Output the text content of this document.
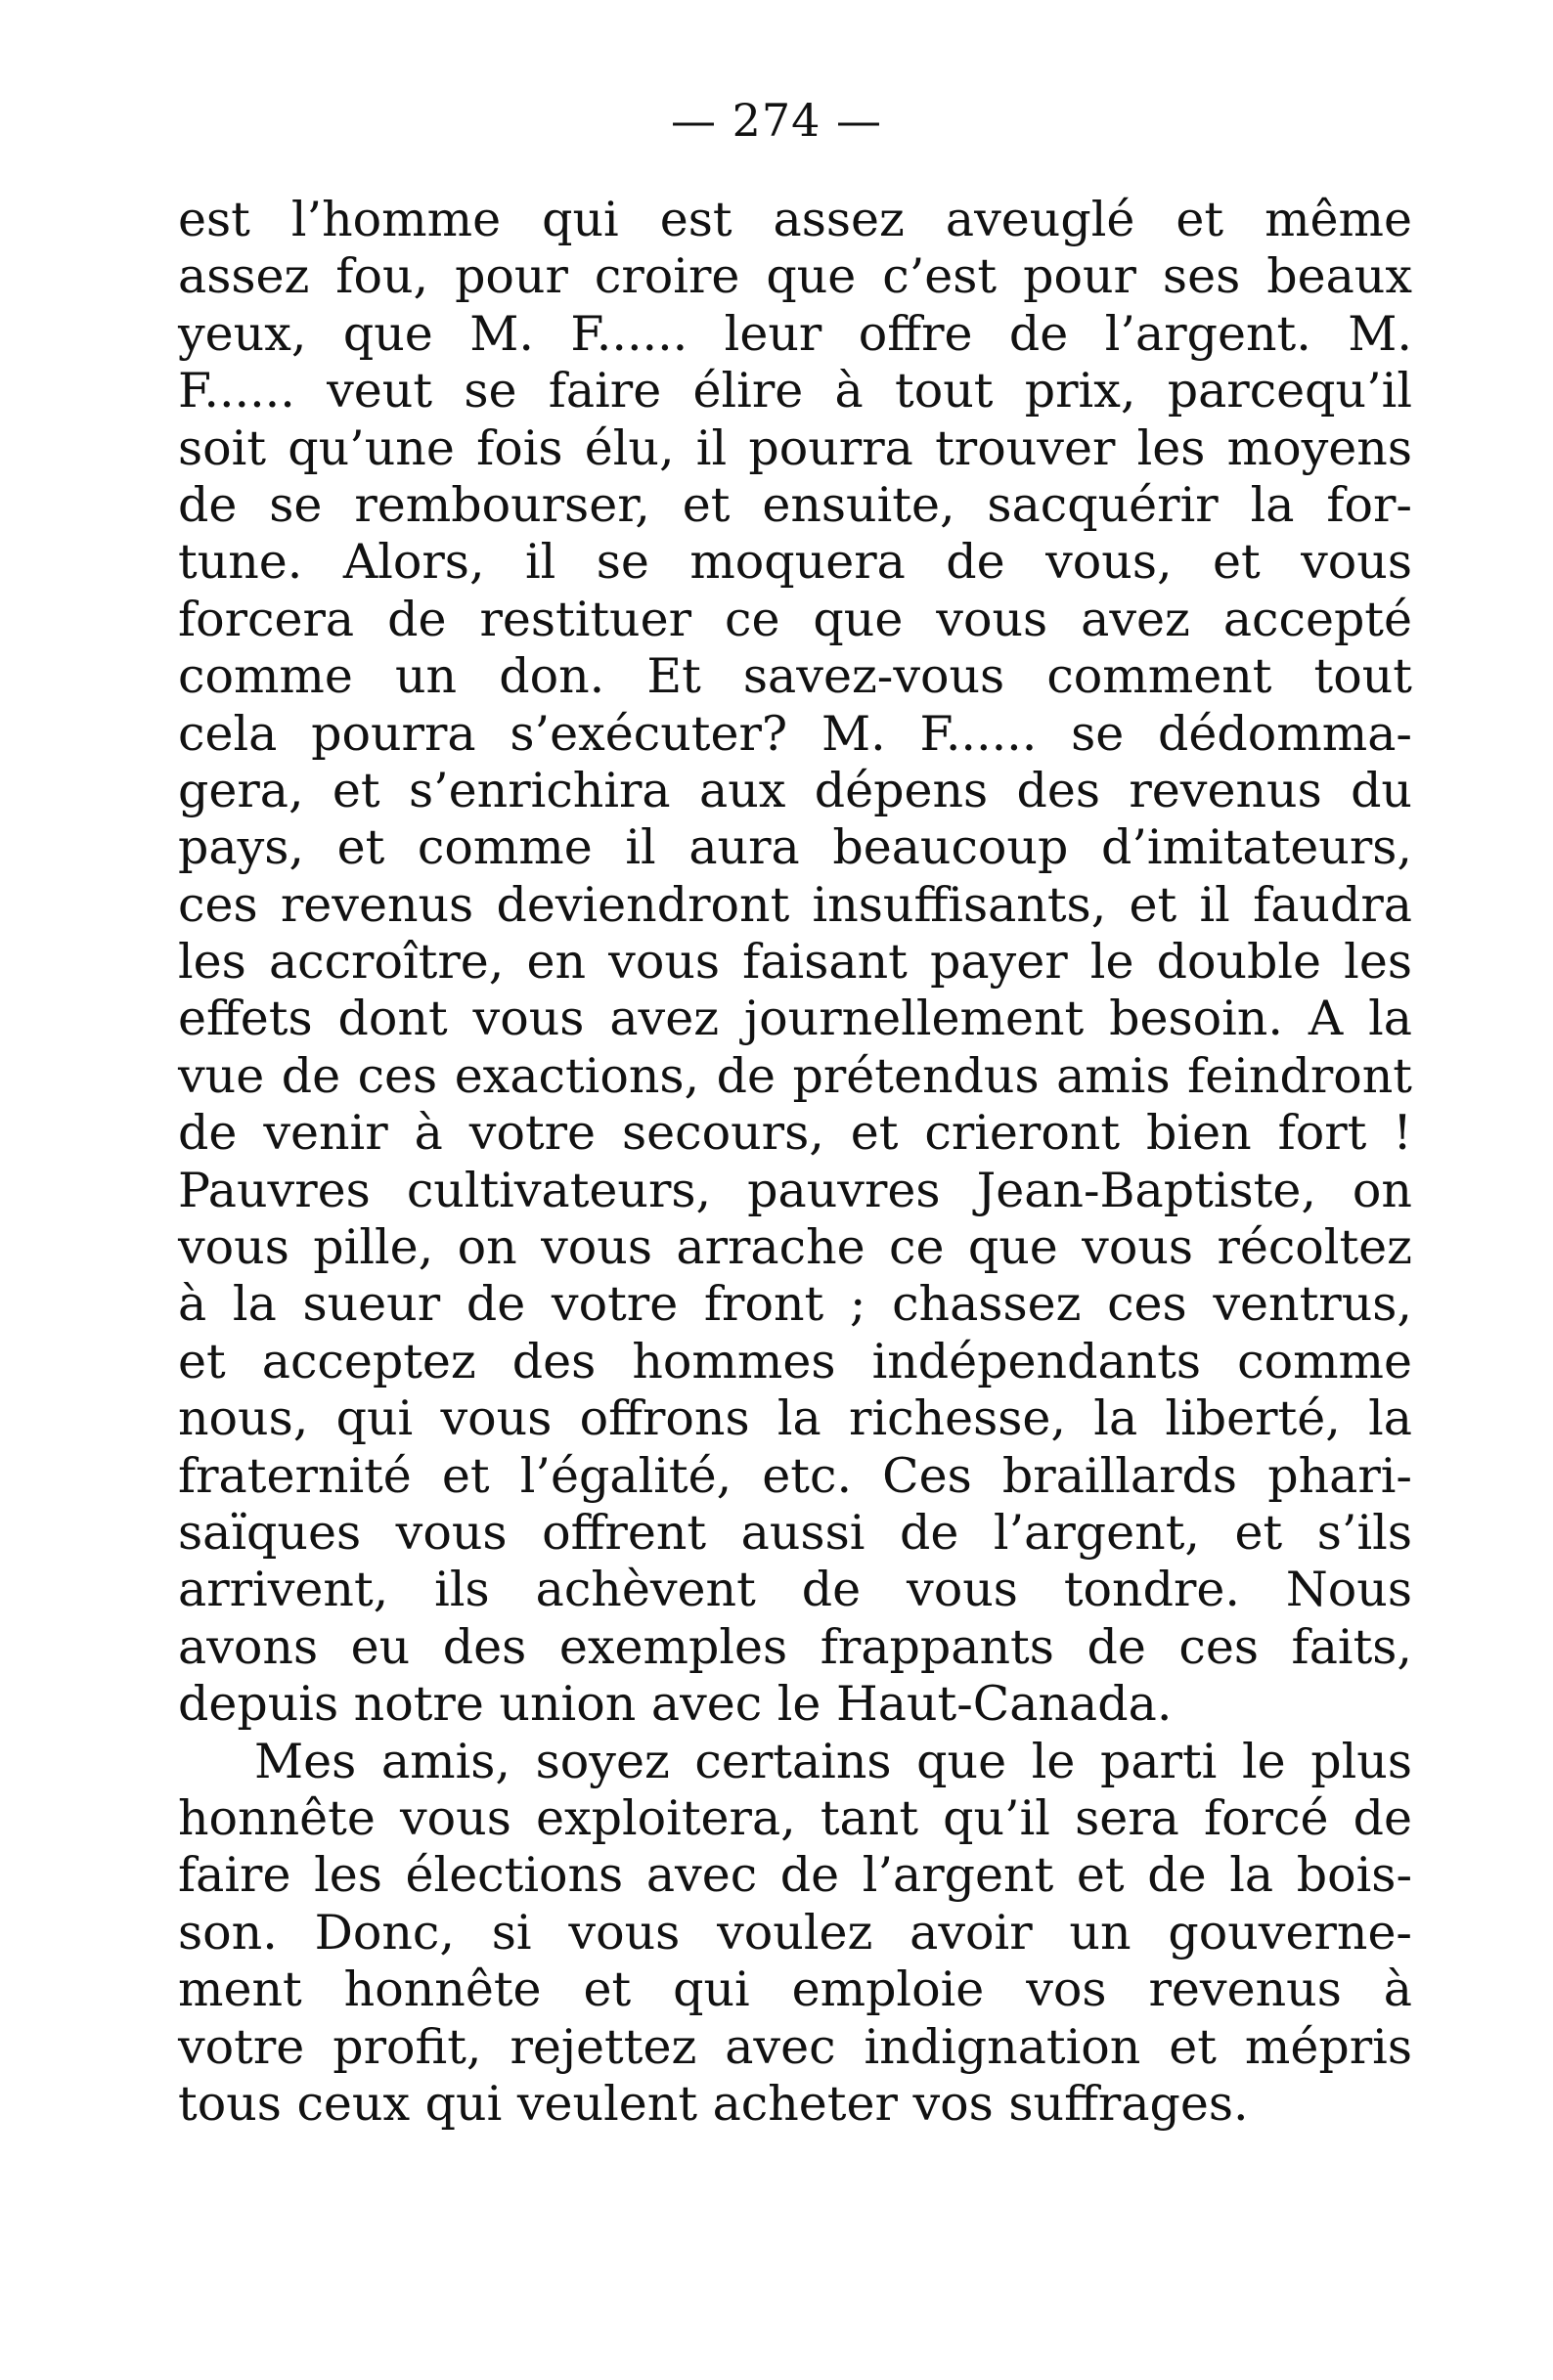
— 274 —
est l’homme qui est assez aveuglé et même
assez fou, pour croire que c’est pour ses beaux
yeux, que M. F...... leur offre de l’argent. M.
F...... veut se faire élire à tout prix, parcequ’il
soit qu’une fois élu, il pourra trouver les moyens
de se rembourser, et ensuite, sacquérir la for-
tune. Alors, il se moquera de vous, et vous
forcera de restituer ce que vous avez accepté
comme un don. Et savez-vous comment tout
cela pourra s’exécuter? M. F...... se dédomma-
gera, et s’enrichira aux dépens des revenus du
pays, et comme il aura beaucoup d’imitateurs,
ces revenus deviendront insuffisants, et il faudra
les accroître, en vous faisant payer le double les
effets dont vous avez journellement besoin. A la
vue de ces exactions, de prétendus amis feindront
de venir à votre secours, et crieront bien fort !
Pauvres cultivateurs, pauvres Jean-Baptiste, on
vous pille, on vous arrache ce que vous récoltez
à la sueur de votre front ; chassez ces ventrus,
et acceptez des hommes indépendants comme
nous, qui vous offrons la richesse, la liberté, la
fraternité et l’égalité, etc. Ces braillards phari-
saïques vous offrent aussi de l’argent, et s’ils
arrivent, ils achèvent de vous tondre. Nous
avons eu des exemples frappants de ces faits,
depuis notre union avec le Haut-Canada.
Mes amis, soyez certains que le parti le plus
honnête vous exploitera, tant qu’il sera forcé de
faire les élections avec de l’argent et de la bois-
son. Donc, si vous voulez avoir un gouverne-
ment honnête et qui emploie vos revenus à
votre profit, rejettez avec indignation et mépris
tous ceux qui veulent acheter vos suffrages.
